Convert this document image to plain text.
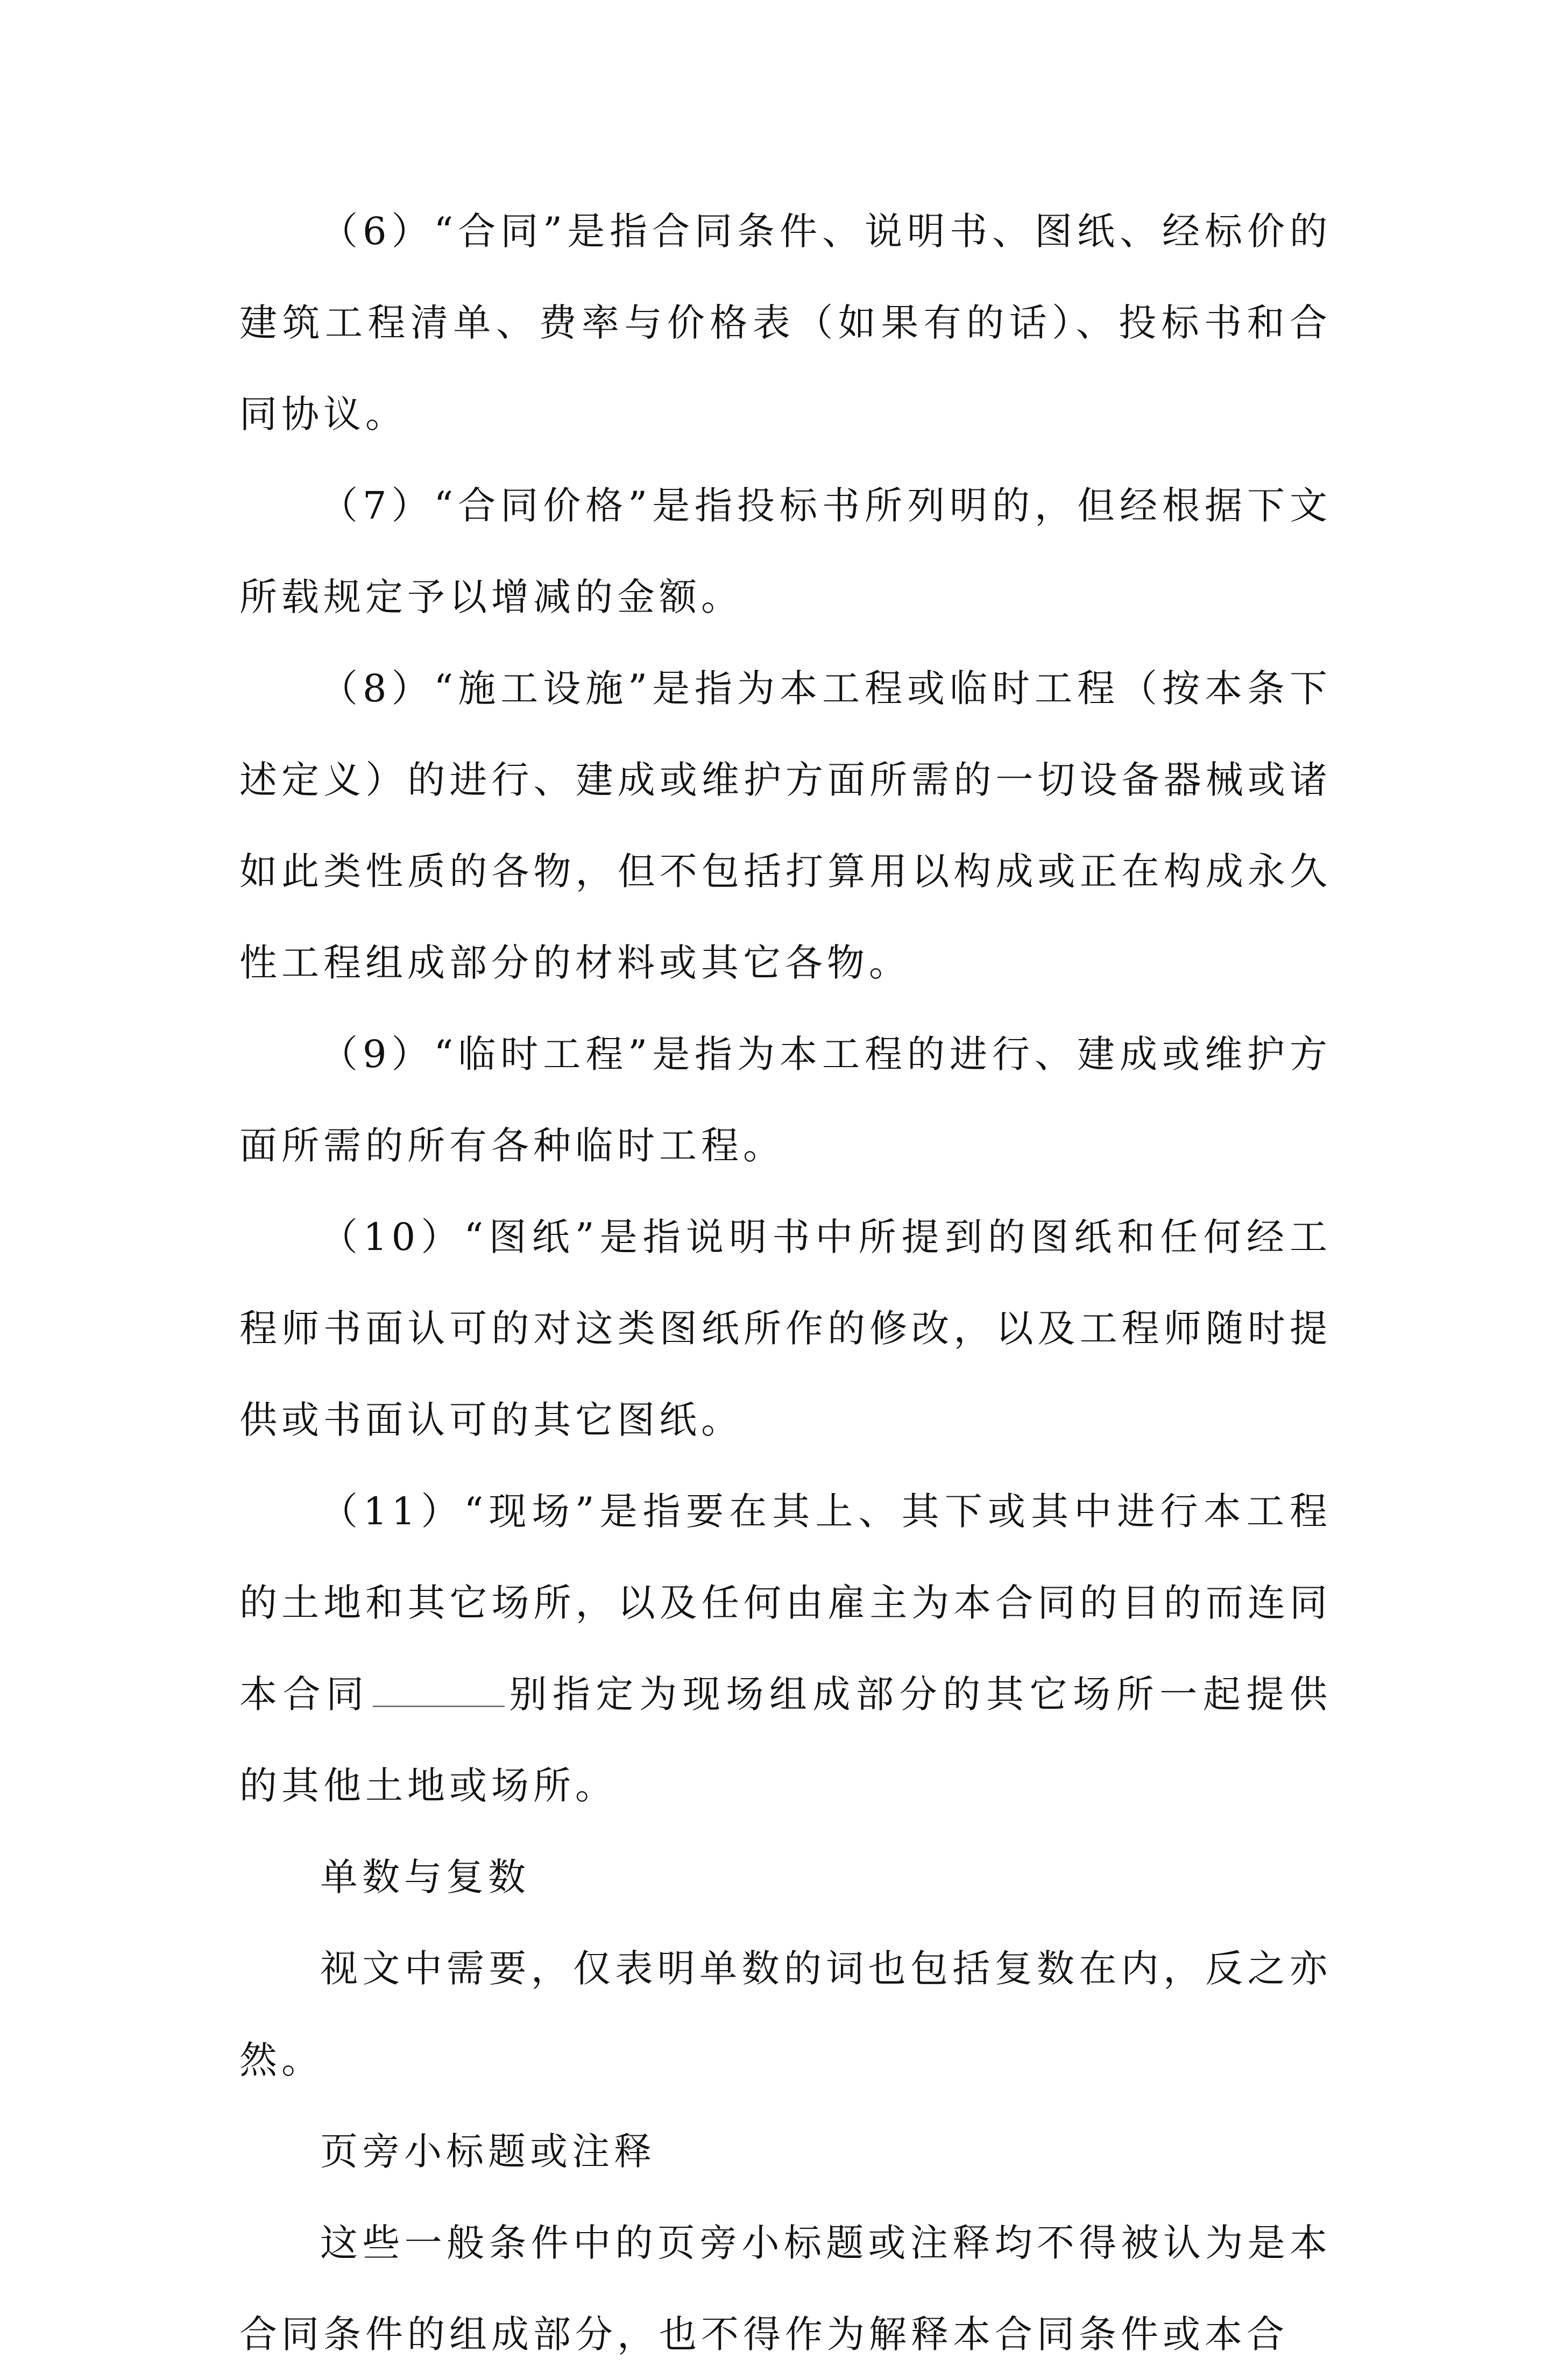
（6）“合同”是指合同条件、说明书、图纸、经标价的建筑工程清单、费率与价格表（如果有的话）、投标书和合同协议。

（7）“合同价格”是指投标书所列明的，但经根据下文所载规定予以增减的金额。

（8）“施工设施”是指为本工程或临时工程（按本条下述定义）的进行、建成或维护方面所需的一切设备器械或诸如此类性质的各物，但不包括打算用以构成或正在构成永久性工程组成部分的材料或其它各物。

（9）“临时工程”是指为本工程的进行、建成或维护方面所需的所有各种临时工程。

（10）“图纸”是指说明书中所提到的图纸和任何经工程师书面认可的对这类图纸所作的修改，以及工程师随时提供或书面认可的其它图纸。

（11）“现场”是指要在其上、其下或其中进行本工程的土地和其它场所，以及任何由雇主为本合同的目的而连同本合同	别指定为现场组成部分的其它场所一起提供的其他土地或场所。

单数与复数

视文中需要，仅表明单数的词也包括复数在内，反之亦然。

页旁小标题或注释

这些一般条件中的页旁小标题或注释均不得被认为是本合同条件的组成部分，也不得作为解释本合同条件或本合
